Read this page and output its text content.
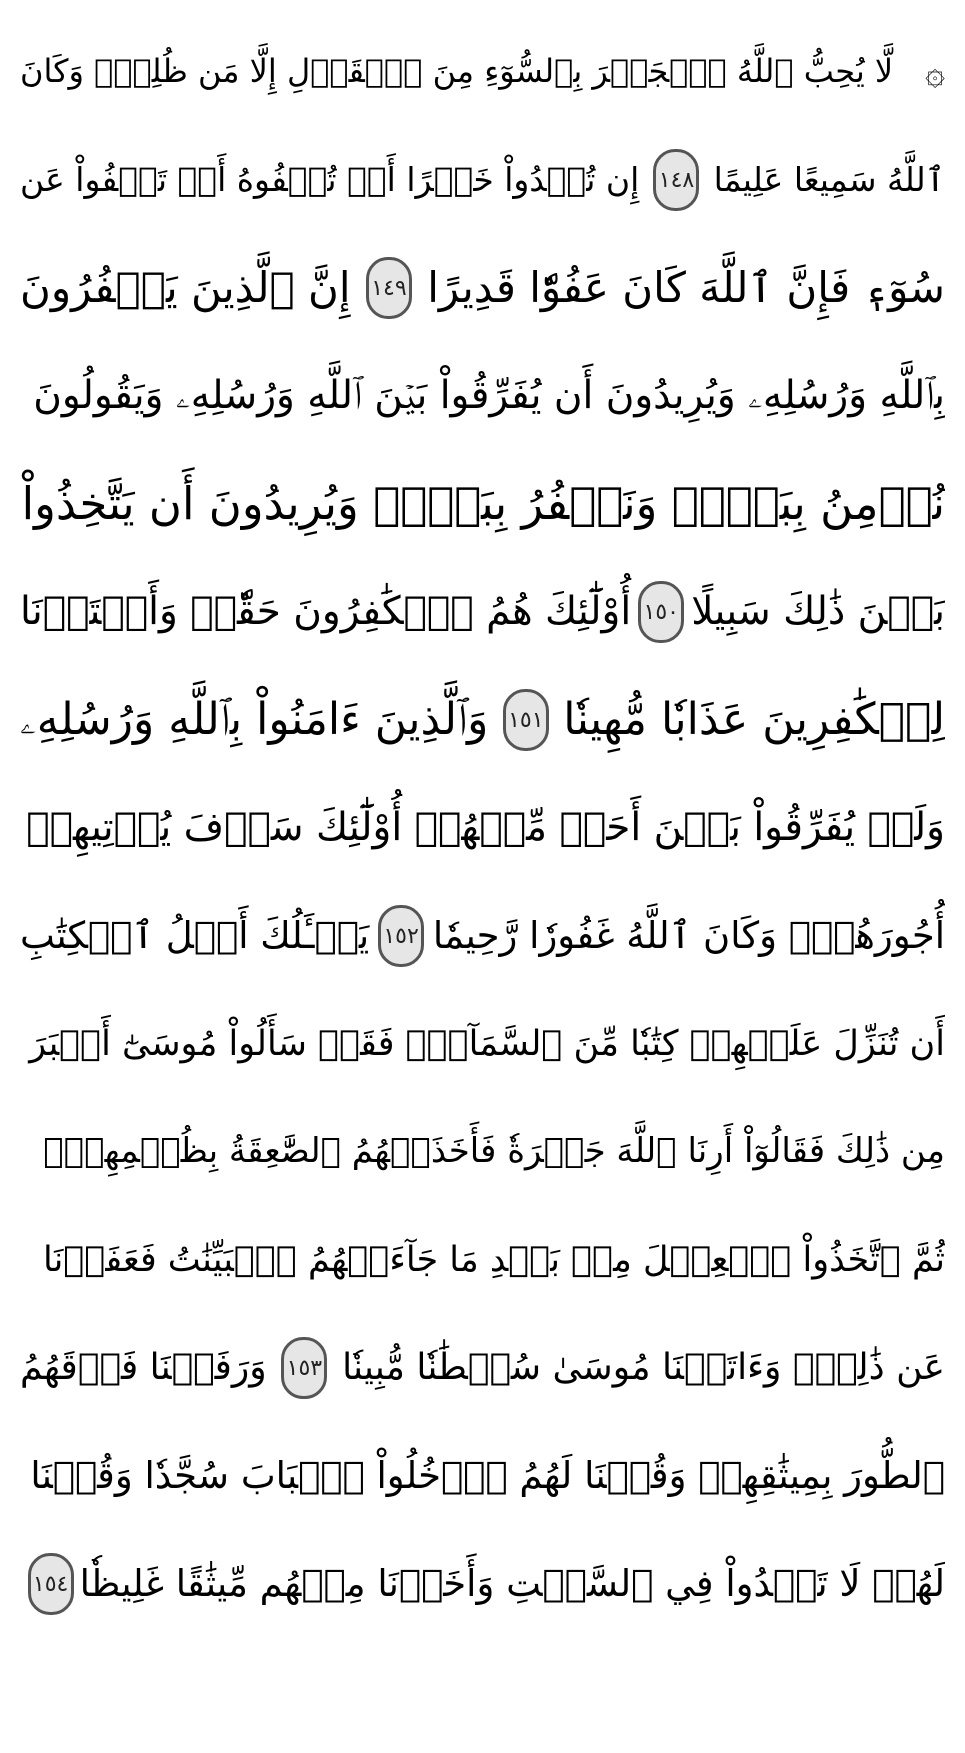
۞
لَّا يُحِبُّ ٱللَّهُ ٱلۡجَهۡرَ بِٱلسُّوٓءِ مِنَ ٱلۡقَوۡلِ إِلَّا مَن ظُلِمَۚ وَكَانَ
ٱللَّهُ سَمِيعًا عَلِيمًا
١٤٨
إِن تُبۡدُواْ خَيۡرًا أَوۡ تُخۡفُوهُ أَوۡ تَعۡفُواْ عَن
سُوٓءٖ فَإِنَّ ٱللَّهَ كَانَ عَفُوّٗا قَدِيرًا
١٤٩
إِنَّ ٱلَّذِينَ يَكۡفُرُونَ
بِٱللَّهِ وَرُسُلِهِۦ وَيُرِيدُونَ أَن يُفَرِّقُواْ بَيۡنَ ٱللَّهِ وَرُسُلِهِۦ وَيَقُولُونَ
نُؤۡمِنُ بِبَعۡضٖ وَنَكۡفُرُ بِبَعۡضٖ وَيُرِيدُونَ أَن يَتَّخِذُواْ
بَيۡنَ ذَٰلِكَ سَبِيلًا
١٥٠
أُوْلَٰٓئِكَ هُمُ ٱلۡكَٰفِرُونَ حَقّٗاۚ وَأَعۡتَدۡنَا
لِلۡكَٰفِرِينَ عَذَابٗا مُّهِينٗا
١٥١
وَٱلَّذِينَ ءَامَنُواْ بِٱللَّهِ وَرُسُلِهِۦ
وَلَمۡ يُفَرِّقُواْ بَيۡنَ أَحَدٖ مِّنۡهُمۡ أُوْلَٰٓئِكَ سَوۡفَ يُؤۡتِيهِمۡ
أُجُورَهُمۡۚ وَكَانَ ٱللَّهُ غَفُورٗا رَّحِيمٗا
١٥٢
يَسۡـَٔلُكَ أَهۡلُ ٱلۡكِتَٰبِ
أَن تُنَزِّلَ عَلَيۡهِمۡ كِتَٰبٗا مِّنَ ٱلسَّمَآءِۚ فَقَدۡ سَأَلُواْ مُوسَىٰٓ أَكۡبَرَ
مِن ذَٰلِكَ فَقَالُوٓاْ أَرِنَا ٱللَّهَ جَهۡرَةٗ فَأَخَذَتۡهُمُ ٱلصَّٰعِقَةُ بِظُلۡمِهِمۡۚ
ثُمَّ ٱتَّخَذُواْ ٱلۡعِجۡلَ مِنۢ بَعۡدِ مَا جَآءَتۡهُمُ ٱلۡبَيِّنَٰتُ فَعَفَوۡنَا
عَن ذَٰلِكَۚ وَءَاتَيۡنَا مُوسَىٰ سُلۡطَٰنٗا مُّبِينٗا
١٥٣
وَرَفَعۡنَا فَوۡقَهُمُ
ٱلطُّورَ بِمِيثَٰقِهِمۡ وَقُلۡنَا لَهُمُ ٱدۡخُلُواْ ٱلۡبَابَ سُجَّدٗا وَقُلۡنَا
لَهُمۡ لَا تَعۡدُواْ فِي ٱلسَّبۡتِ وَأَخَذۡنَا مِنۡهُم مِّيثَٰقًا غَلِيظٗا
١٥٤
